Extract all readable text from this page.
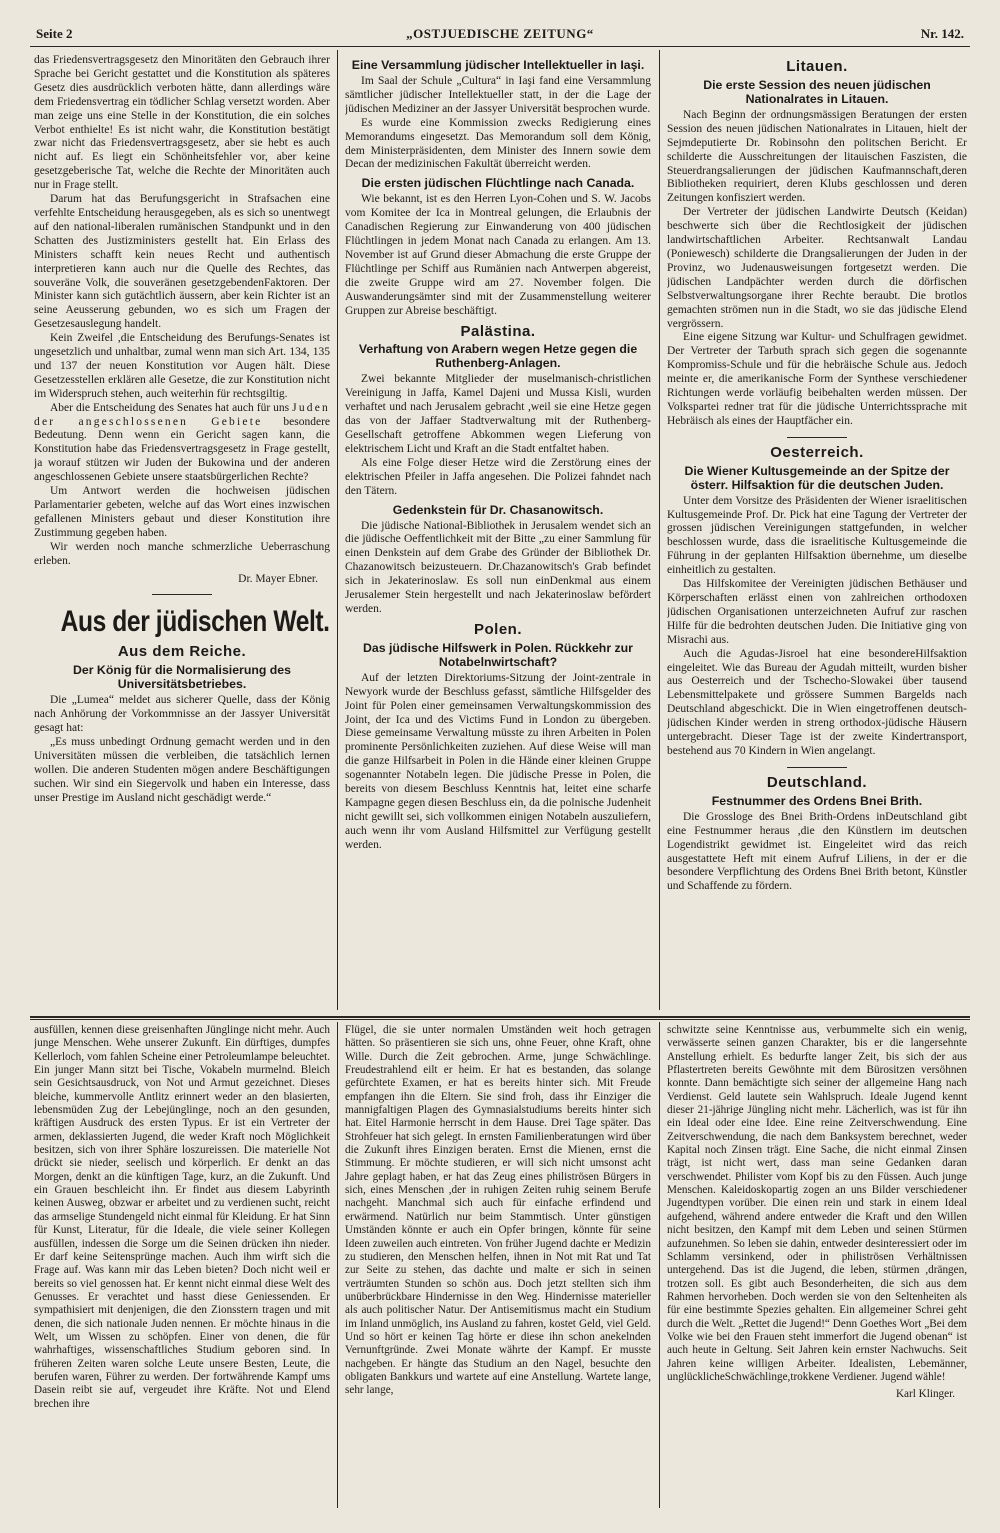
Seite 2	„OSTJUEDISCHE ZEITUNG“	Nr. 142.

das Friedensvertragsgesetz den Minoritäten den Gebrauch ihrer Sprache bei Gericht gestattet und die Konstitution als späteres Gesetz dies ausdrücklich verboten hätte, dann allerdings wäre dem Friedensvertrag ein tödlicher Schlag versetzt worden. Aber man zeige uns eine Stelle in der Konstitution, die ein solches Verbot enthielte! Es ist nicht wahr, die Konstitution bestätigt zwar nicht das Friedensvertragsgesetz, aber sie hebt es auch nicht auf. Es liegt ein Schönheitsfehler vor, aber keine gesetzgeberische Tat, welche die Rechte der Minoritäten auch nur in Frage stellt.

Darum hat das Berufungsgericht in Strafsachen eine verfehlte Entscheidung herausgegeben, als es sich so unentwegt auf den national-liberalen rumänischen Standpunkt und in den Schatten des Justizministers gestellt hat. Ein Erlass des Ministers schafft kein neues Recht und authentisch interpretieren kann auch nur die Quelle des Rechtes, das souveräne Volk, die souveränen gesetzgebendenFaktoren. Der Minister kann sich gutächtlich äussern, aber kein Richter ist an seine Aeusserung gebunden, wo es sich um Fragen der Gesetzesauslegung handelt.

Kein Zweifel ,die Entscheidung des Berufungs-Senates ist ungesetzlich und unhaltbar, zumal wenn man sich Art. 134, 135 und 137 der neuen Konstitution vor Augen hält. Diese Gesetzesstellen erklären alle Gesetze, die zur Konstitution nicht im Widerspruch stehen, auch weiterhin für rechtsgiltig.

Aber die Entscheidung des Senates hat auch für uns Juden der angeschlossenen Gebiete besondere Bedeutung. Denn wenn ein Gericht sagen kann, die Konstitution habe das Friedensvertragsgesetz in Frage gestellt, ja worauf stützen wir Juden der Bukowina und der anderen angeschlossenen Gebiete unsere staatsbürgerlichen Rechte?

Um Antwort werden die hochweisen jüdischen Parlamentarier gebeten, welche auf das Wort eines inzwischen gefallenen Ministers gebaut und dieser Konstitution ihre Zustimmung gegeben haben.

Wir werden noch manche schmerzliche Ueberraschung erleben.

Dr. Mayer Ebner.
Aus der jüdischen Welt.
Aus dem Reiche.
Der König für die Normalisierung des Universitätsbetriebes.

Die „Lumea“ meldet aus sicherer Quelle, dass der König nach Anhörung der Vorkommnisse an der Jassyer Universität gesagt hat:

„Es muss unbedingt Ordnung gemacht werden und in den Universitäten müssen die verbleiben, die tatsächlich lernen wollen. Die anderen Studenten mögen andere Beschäftigungen suchen. Wir sind ein Siegervolk und haben ein Interesse, dass unser Prestige im Ausland nicht geschädigt werde.“

Eine Versammlung jüdischer Intellektueller in Iaşi.

Im Saal der Schule „Cultura“ in Iaşi fand eine Versammlung sämtlicher jüdischer Intellektueller statt, in der die Lage der jüdischen Mediziner an der Jassyer Universität besprochen wurde.

Es wurde eine Kommission zwecks Redigierung eines Memorandums eingesetzt. Das Memorandum soll dem König, dem Ministerpräsidenten, dem Minister des Innern sowie dem Decan der medizinischen Fakultät überreicht werden.

Die ersten jüdischen Flüchtlinge nach Canada.

Wie bekannt, ist es den Herren Lyon-Cohen und S. W. Jacobs vom Komitee der Ica in Montreal gelungen, die Erlaubnis der Canadischen Regierung zur Einwanderung von 400 jüdischen Flüchtlingen in jedem Monat nach Canada zu erlangen. Am 13. November ist auf Grund dieser Abmachung die erste Gruppe der Flüchtlinge per Schiff aus Rumänien nach Antwerpen abgereist, die zweite Gruppe wird am 27. November folgen. Die Auswanderungsämter sind mit der Zusammenstellung weiterer Gruppen zur Abreise beschäftigt.

Palästina.
Verhaftung von Arabern wegen Hetze gegen die Ruthenberg-Anlagen.

Zwei bekannte Mitglieder der muselmanisch-christlichen Vereinigung in Jaffa, Kamel Dajeni und Mussa Kisli, wurden verhaftet und nach Jerusalem gebracht ,weil sie eine Hetze gegen das von der Jaffaer Stadtverwaltung mit der Ruthenberg-Gesellschaft getroffene Abkommen wegen Lieferung von elektrischem Licht und Kraft an die Stadt entfaltet haben.

Als eine Folge dieser Hetze wird die Zerstörung eines der elektrischen Pfeiler in Jaffa angesehen. Die Polizei fahndet nach den Tätern.

Gedenkstein für Dr. Chasanowitsch.

Die jüdische National-Bibliothek in Jerusalem wendet sich an die jüdische Oeffentlichkeit mit der Bitte „zu einer Sammlung für einen Denkstein auf dem Grabe des Gründer der Bibliothek Dr. Chazanowitsch beizusteuern. Dr.Chazanowitsch's Grab befindet sich in Jekaterinoslaw. Es soll nun einDenkmal aus einem Jerusalemer Stein hergestellt und nach Jekaterinoslaw befördert werden.

Polen.
Das jüdische Hilfswerk in Polen. Rückkehr zur Notabelnwirtschaft?

Auf der letzten Direktoriums-Sitzung der Joint-zentrale in Newyork wurde der Beschluss gefasst, sämtliche Hilfsgelder des Joint für Polen einer gemeinsamen Verwaltungskommission des Joint, der Ica und des Victims Fund in London zu übergeben. Diese gemeinsame Verwaltung müsste zu ihren Arbeiten in Polen prominente Persönlichkeiten zuziehen. Auf diese Weise will man die ganze Hilfsarbeit in Polen in die Hände einer kleinen Gruppe sogenannter Notabeln legen. Die jüdische Presse in Polen, die bereits von diesem Beschluss Kenntnis hat, leitet eine scharfe Kampagne gegen diesen Beschluss ein, da die polnische Judenheit nicht gewillt sei, sich vollkommen einigen Notabeln auszuliefern, auch wenn ihr vom Ausland Hilfsmittel zur Verfügung gestellt werden.

Litauen.
Die erste Session des neuen jüdischen Nationalrates in Litauen.

Nach Beginn der ordnungsmässigen Beratungen der ersten Session des neuen jüdischen Nationalrates in Litauen, hielt der Sejmdeputierte Dr. Robinsohn den politschen Bericht. Er schilderte die Ausschreitungen der litauischen Faszisten, die Steuerdrangsalierungen der jüdischen Kaufmannschaft,deren Bibliotheken requiriert, deren Klubs geschlossen und deren Zeitungen konfisziert werden.

Der Vertreter der jüdischen Landwirte Deutsch (Keidan) beschwerte sich über die Rechtlosigkeit der jüdischen landwirtschaftlichen Arbeiter. Rechtsanwalt Landau (Poniewesch) schilderte die Drangsalierungen der Juden in der Provinz, wo Judenausweisungen fortgesetzt werden. Die jüdischen Landpächter werden durch die dörfischen Selbstverwaltungsorgane ihrer Rechte beraubt. Die brotlos gemachten strömen nun in die Stadt, wo sie das jüdische Elend vergrössern.

Eine eigene Sitzung war Kultur- und Schulfragen gewidmet. Der Vertreter der Tarbuth sprach sich gegen die sogenannte Kompromiss-Schule und für die hebräische Schule aus. Jedoch meinte er, die amerikanische Form der Synthese verschiedener Richtungen werde vorläufig beibehalten werden müssen. Der Volkspartei redner trat für die jüdische Unterrichtssprache mit Hebräisch als eines der Hauptfächer ein.

Oesterreich.
Die Wiener Kultusgemeinde an der Spitze der österr. Hilfsaktion für die deutschen Juden.

Unter dem Vorsitze des Präsidenten der Wiener israelitischen Kultusgemeinde Prof. Dr. Pick hat eine Tagung der Vertreter der grossen jüdischen Vereinigungen stattgefunden, in welcher beschlossen wurde, dass die israelitische Kultusgemeinde die Führung in der geplanten Hilfsaktion übernehme, um dieselbe einheitlich zu gestalten.

Das Hilfskomitee der Vereinigten jüdischen Bethäuser und Körperschaften erlässt einen von zahlreichen orthodoxen jüdischen Organisationen unterzeichneten Aufruf zur raschen Hilfe für die bedrohten deutschen Juden. Die Initiative ging von Misrachi aus.

Auch die Agudas-Jisroel hat eine besondereHilfsaktion eingeleitet. Wie das Bureau der Agudah mitteilt, wurden bisher aus Oesterreich und der Tschecho-Slowakei über tausend Lebensmittelpakete und grössere Summen Bargelds nach Deutschland abgeschickt. Die in Wien eingetroffenen deutsch-jüdischen Kinder werden in streng orthodox-jüdische Häusern untergebracht. Dieser Tage ist der zweite Kindertransport, bestehend aus 70 Kindern in Wien angelangt.

Deutschland.
Festnummer des Ordens Bnei Brith.

Die Grossloge des Bnei Brith-Ordens inDeutschland gibt eine Festnummer heraus ,die den Künstlern im deutschen Logendistrikt gewidmet ist. Eingeleitet wird das reich ausgestattete Heft mit einem Aufruf Liliens, in der er die besondere Verpflichtung des Ordens Bnei Brith betont, Künstler und Schaffende zu fördern.

ausfüllen, kennen diese greisenhaften Jünglinge nicht mehr. Auch junge Menschen. Wehe unserer Zukunft. Ein dürftiges, dumpfes Kellerloch, vom fahlen Scheine einer Petroleumlampe beleuchtet. Ein junger Mann sitzt bei Tische, Vokabeln murmelnd. Bleich sein Gesichtsausdruck, von Not und Armut gezeichnet. Dieses bleiche, kummervolle Antlitz erinnert weder an den blasierten, lebensmüden Zug der Lebejünglinge, noch an den gesunden, kräftigen Ausdruck des ersten Typus. Er ist ein Vertreter der armen, deklassierten Jugend, die weder Kraft noch Möglichkeit besitzen, sich von ihrer Sphäre loszureissen. Die materielle Not drückt sie nieder, seelisch und körperlich. Er denkt an das Morgen, denkt an die künftigen Tage, kurz, an die Zukunft. Und ein Grauen beschleicht ihn. Er findet aus diesem Labyrinth keinen Ausweg, obzwar er arbeitet und zu verdienen sucht, reicht das armselige Stundengeld nicht einmal für Kleidung. Er hat Sinn für Kunst, Literatur, für die Ideale, die viele seiner Kollegen ausfüllen, indessen die Sorge um die Seinen drücken ihn nieder. Er darf keine Seitensprünge machen. Auch ihm wirft sich die Frage auf. Was kann mir das Leben bieten? Doch nicht weil er bereits so viel genossen hat. Er kennt nicht einmal diese Welt des Genusses. Er verachtet und hasst diese Geniessenden. Er sympathisiert mit denjenigen, die den Zionsstern tragen und mit denen, die sich nationale Juden nennen. Er möchte hinaus in die Welt, um Wissen zu schöpfen. Einer von denen, die für wahrhaftiges, wissenschaftliches Studium geboren sind. In früheren Zeiten waren solche Leute unsere Besten, Leute, die berufen waren, Führer zu werden. Der fortwährende Kampf ums Dasein reibt sie auf, vergeudet ihre Kräfte. Not und Elend brechen ihre

Flügel, die sie unter normalen Umständen weit hoch getragen hätten. So präsentieren sie sich uns, ohne Feuer, ohne Kraft, ohne Wille. Durch die Zeit gebrochen. Arme, junge Schwächlinge. Freudestrahlend eilt er heim. Er hat es bestanden, das solange gefürchtete Examen, er hat es bereits hinter sich. Mit Freude empfangen ihn die Eltern. Sie sind froh, dass ihr Einziger die mannigfaltigen Plagen des Gymnasialstudiums bereits hinter sich hat. Eitel Harmonie herrscht in dem Hause. Drei Tage später. Das Strohfeuer hat sich gelegt. In ernsten Familienberatungen wird über die Zukunft ihres Einzigen beraten. Ernst die Mienen, ernst die Stimmung. Er möchte studieren, er will sich nicht umsonst acht Jahre geplagt haben, er hat das Zeug eines philiströsen Bürgers in sich, eines Menschen ,der in ruhigen Zeiten ruhig seinem Berufe nachgeht. Manchmal sich auch für einfache erfindend und erwärmend. Natürlich nur beim Stammtisch. Unter günstigen Umständen könnte er auch ein Opfer bringen, könnte für seine Ideen zuweilen auch eintreten. Von früher Jugend dachte er Medizin zu studieren, den Menschen helfen, ihnen in Not mit Rat und Tat zur Seite zu stehen, das dachte und malte er sich in seinen verträumten Stunden so schön aus. Doch jetzt stellten sich ihm unüberbrückbare Hindernisse in den Weg. Hindernisse materieller als auch politischer Natur. Der Antisemitismus macht ein Studium im Inland unmöglich, ins Ausland zu fahren, kostet Geld, viel Geld. Und so hört er keinen Tag hörte er diese ihn schon anekelnden Vernunftgründe. Zwei Monate währte der Kampf. Er musste nachgeben. Er hängte das Studium an den Nagel, besuchte den obligaten Bankkurs und wartete auf eine Anstellung. Wartete lange, sehr lange,

schwitzte seine Kenntnisse aus, verbummelte sich ein wenig, verwässerte seinen ganzen Charakter, bis er die langersehnte Anstellung erhielt. Es bedurfte langer Zeit, bis sich der aus Pflastertreten bereits Gewöhnte mit dem Bürositzen versöhnen konnte. Dann bemächtigte sich seiner der allgemeine Hang nach Verdienst. Geld lautete sein Wahlspruch. Ideale Jugend kennt dieser 21-jährige Jüngling nicht mehr. Lächerlich, was ist für ihn ein Ideal oder eine Idee. Eine reine Zeitverschwendung. Eine Zeitverschwendung, die nach dem Banksystem berechnet, weder Kapital noch Zinsen trägt. Eine Sache, die nicht einmal Zinsen trägt, ist nicht wert, dass man seine Gedanken daran verschwendet. Philister vom Kopf bis zu den Füssen. Auch junge Menschen. Kaleidoskopartig zogen an uns Bilder verschiedener Jugendtypen vorüber. Die einen rein und stark in einem Ideal aufgehend, während andere entweder die Kraft und den Willen nicht besitzen, den Kampf mit dem Leben und seinen Stürmen aufzunehmen. So leben sie dahin, entweder desinteressiert oder im Schlamm versinkend, oder in philiströsen Verhältnissen untergehend. Das ist die Jugend, die leben, stürmen ,drängen, trotzen soll. Es gibt auch Besonderheiten, die sich aus dem Rahmen hervorheben. Doch werden sie von den Seltenheiten als für eine bestimmte Spezies gehalten. Ein allgemeiner Schrei geht durch die Welt. „Rettet die Jugend!“ Denn Goethes Wort „Bei dem Volke wie bei den Frauen steht immerfort die Jugend obenan“ ist auch heute in Geltung. Seit Jahren kein ernster Nachwuchs. Seit Jahren keine willigen Arbeiter. Idealisten, Lebemänner, unglücklicheSchwächlinge,trokkene Verdiener. Jugend wähle!

Karl Klinger.
